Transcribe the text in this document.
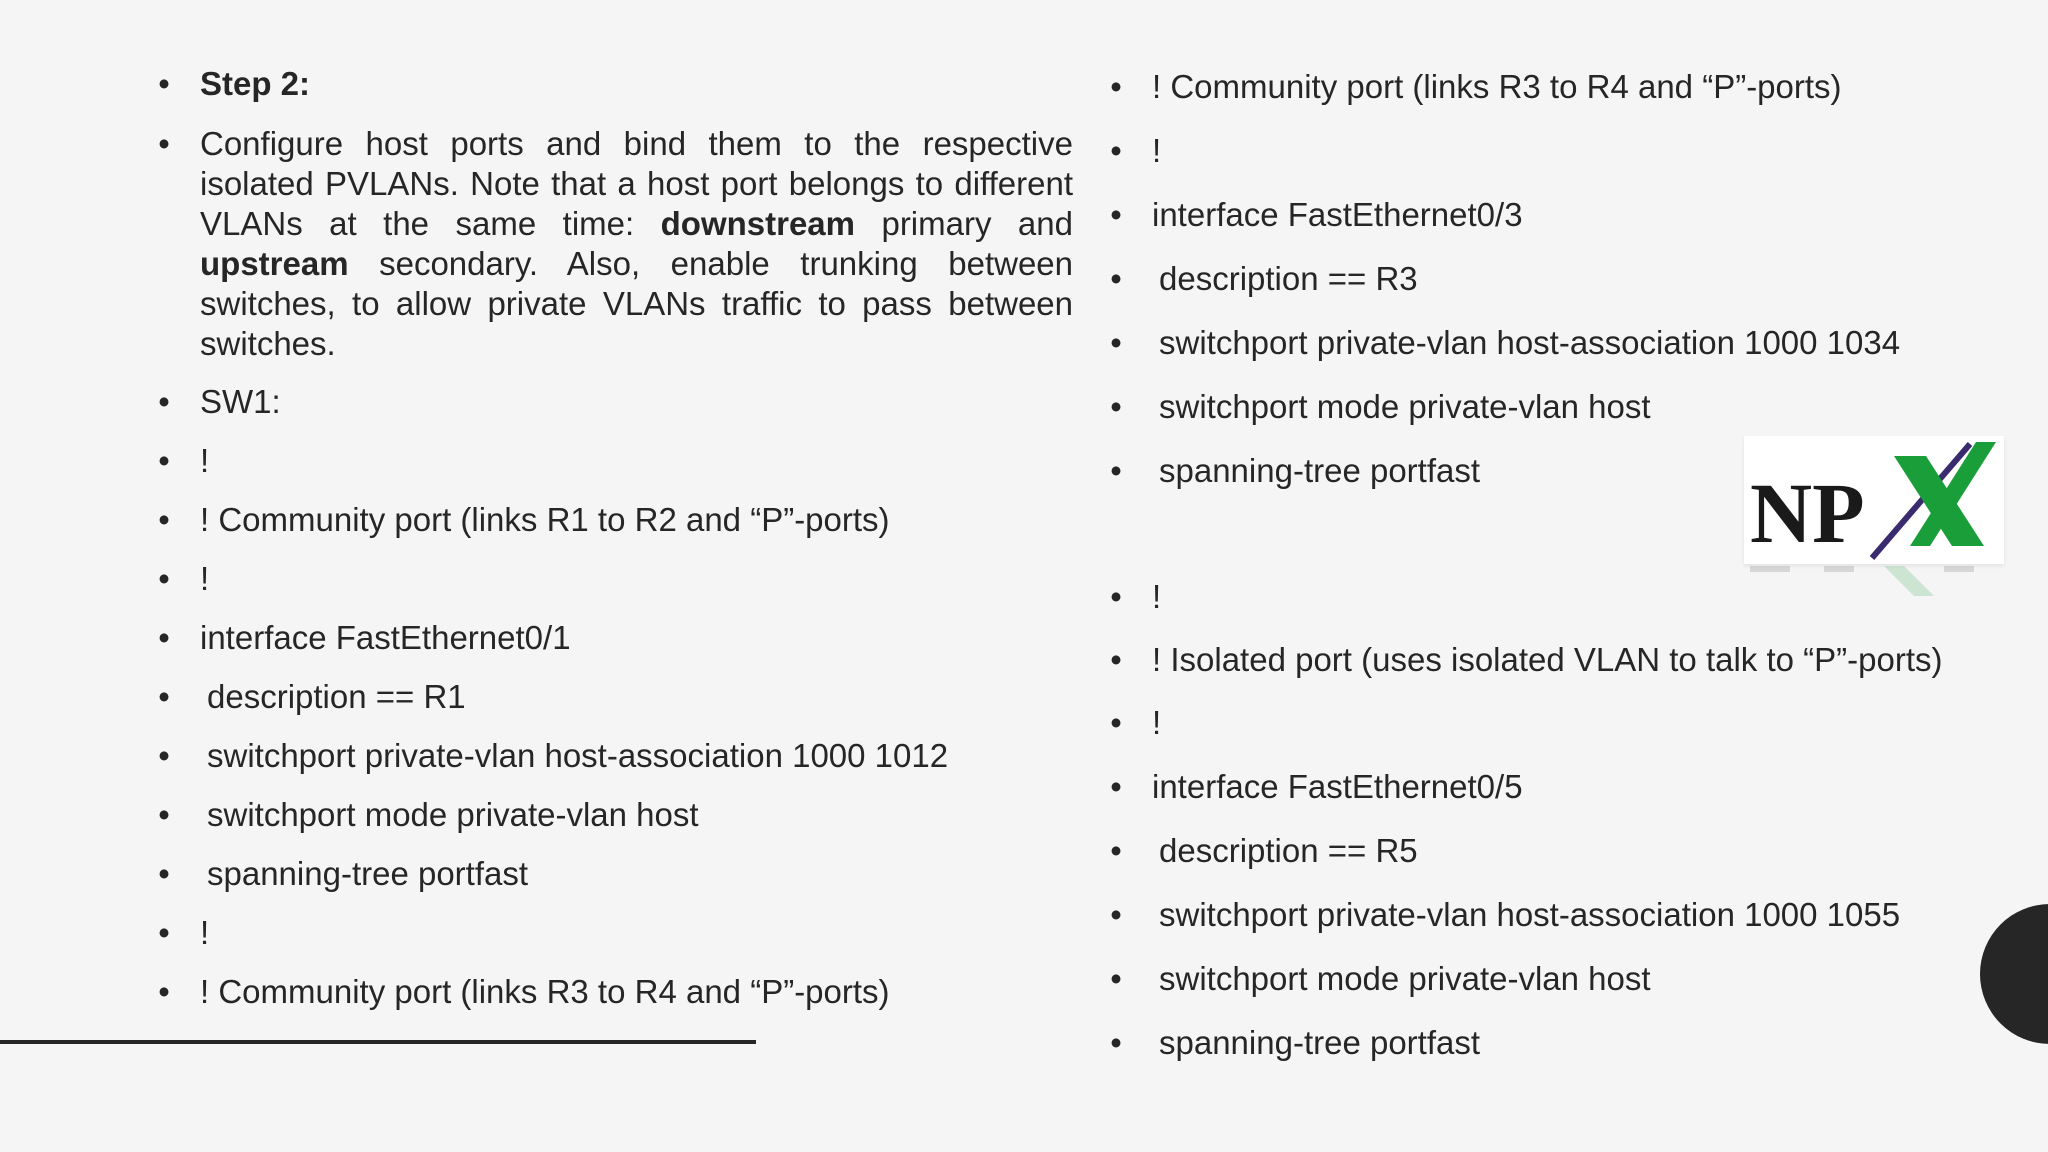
• Step 2:
• Configure host ports and bind them to the respective isolated PVLANs. Note that a host port belongs to different VLANs at the same time: downstream primary and upstream secondary. Also, enable trunking between switches, to allow private VLANs traffic to pass between switches.
• SW1:
• !
• ! Community port (links R1 to R2 and “P”-ports)
• !
• interface FastEthernet0/1
• description == R1
• switchport private-vlan host-association 1000 1012
• switchport mode private-vlan host
• spanning-tree portfast
• !
• ! Community port (links R3 to R4 and “P”-ports)
• ! Community port (links R3 to R4 and “P”-ports)
• !
• interface FastEthernet0/3
• description == R3
• switchport private-vlan host-association 1000 1034
• switchport mode private-vlan host
• spanning-tree portfast
• !
• ! Isolated port (uses isolated VLAN to talk to “P”-ports)
• !
• interface FastEthernet0/5
• description == R5
• switchport private-vlan host-association 1000 1055
• switchport mode private-vlan host
• spanning-tree portfast
NP
